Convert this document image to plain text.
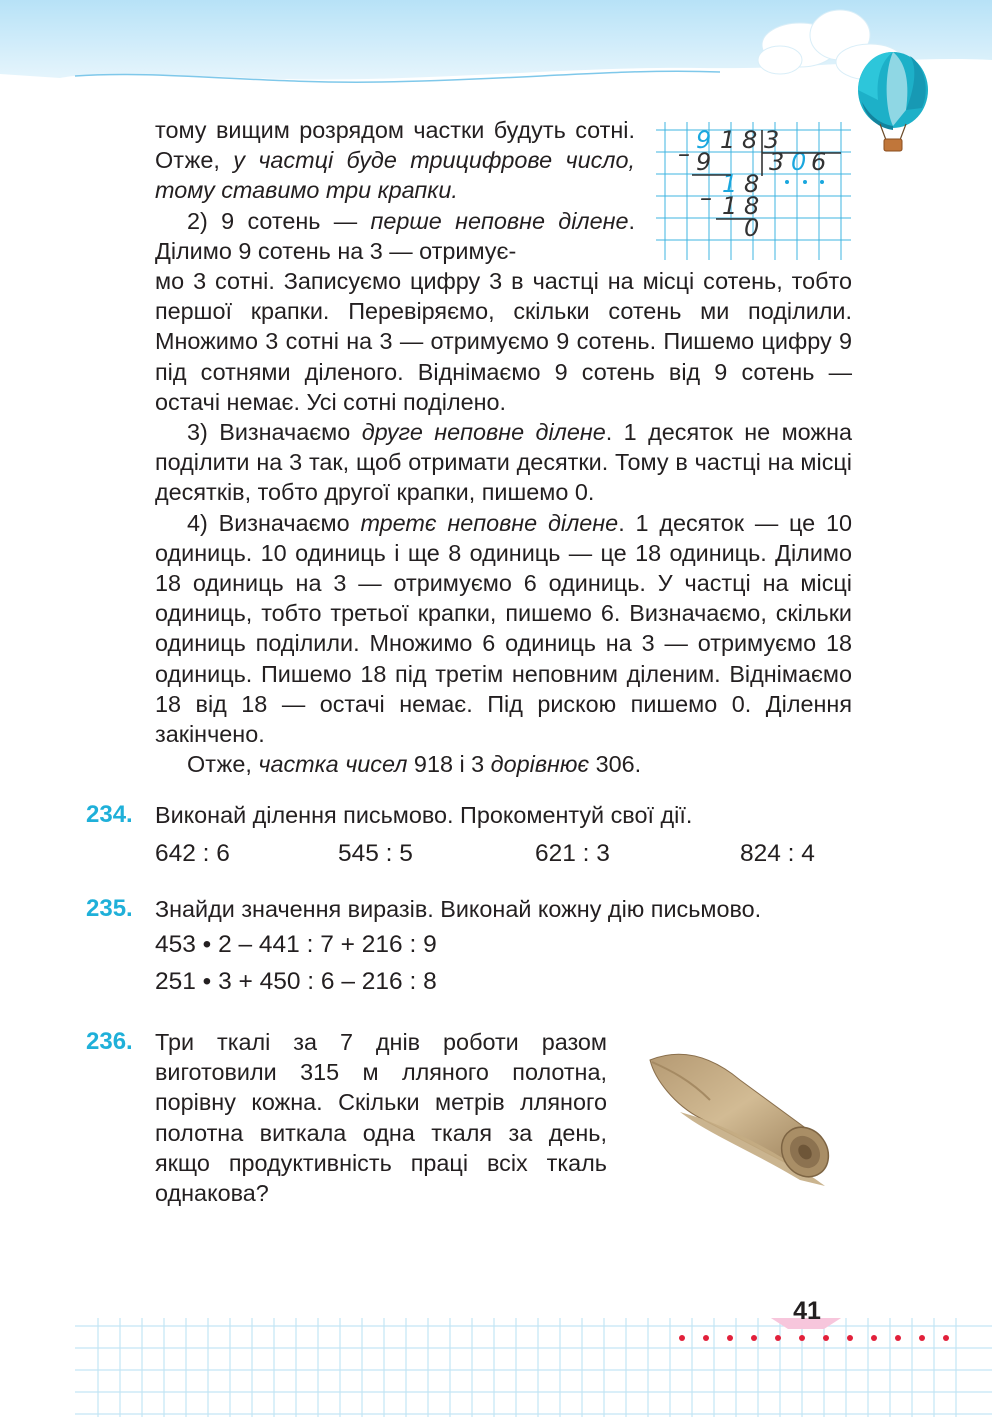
тому вищим розрядом частки будуть сотні. Отже, у частці буде трицифрове число, тому ставимо три крапки.

2) 9 сотень — перше неповне ділене. Ділимо 9 сотень на 3 — отримує-

мо 3 сотні. Записуємо цифру 3 в частці на місці сотень, тобто першої крапки. Перевіряємо, скільки сотень ми поділили. Множимо 3 сотні на 3 — отримуємо 9 сотень. Пишемо цифру 9 під сотнями діленого. Віднімаємо 9 сотень від 9 сотень — остачі немає. Усі сотні поділено.

3) Визначаємо друге неповне ділене. 1 десяток не можна поділити на 3 так, щоб отримати десятки. Тому в частці на місці десятків, тобто другої крапки, пишемо 0.

4) Визначаємо третє неповне ділене. 1 десяток — це 10 одиниць. 10 одиниць і ще 8 одиниць — це 18 одиниць. Ділимо 18 одиниць на 3 — отримуємо 6 одиниць. У частці на місці одиниць, тобто третьої крапки, пишемо 6. Визначаємо, скільки одиниць поділили. Множимо 6 одиниць на 3 — отримуємо 18 одиниць. Пишемо 18 під третім неповним діленим. Віднімаємо 18 від 18 — остачі немає. Під рискою пишемо 0. Ділення закінчено.

Отже, частка чисел 918 і 3 дорівнює 306.

– 9 1 8 3
9 3 0 6
– 1 8
1 8
0
234. Виконай ділення письмово. Прокоментуй свої дії.
642 : 6	545 : 5	621 : 3	824 : 4
235. Знайди значення виразів. Виконай кожну дію письмово.
453 • 2 – 441 : 7 + 216 : 9
251 • 3 + 450 : 6 – 216 : 8
236. Три ткалі за 7 днів роботи разом виготовили 315 м лляного полотна, порівну кожна. Скільки метрів лляного полотна виткала одна ткаля за день, якщо продуктивність праці всіх ткаль однакова?
41
